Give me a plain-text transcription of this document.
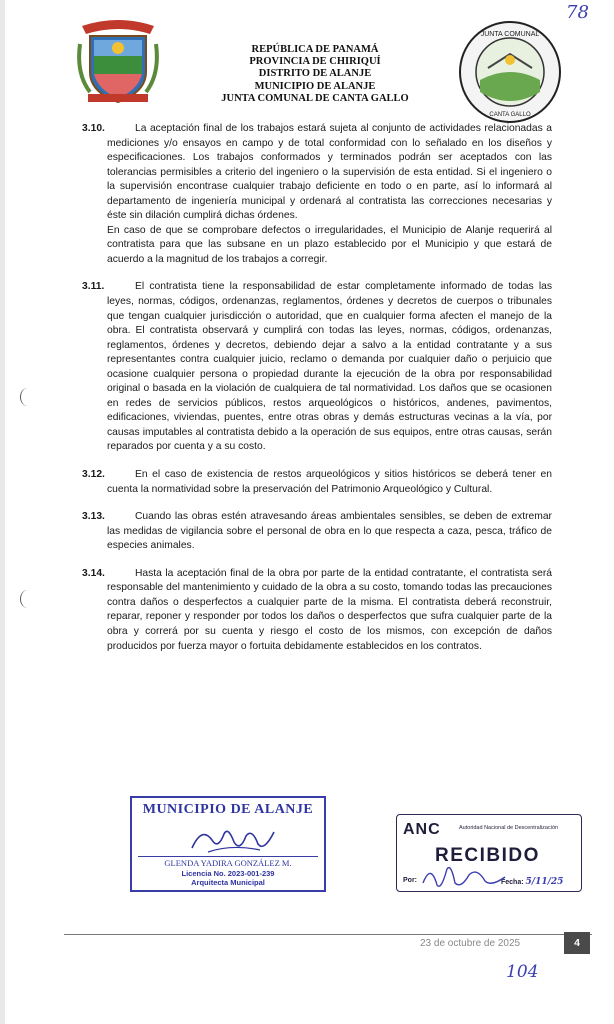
78
JUNTA COMUNAL
CANTA GALLO
REPÚBLICA DE PANAMÁ
PROVINCIA DE CHIRIQUÍ
DISTRITO DE ALANJE
MUNICIPIO DE ALANJE
JUNTA COMUNAL DE CANTA GALLO
3.10.	La aceptación final de los trabajos estará sujeta al conjunto de actividades relacionadas a mediciones y/o ensayos en campo y de total conformidad con lo señalado en los diseños y especificaciones. Los trabajos conformados y terminados podrán ser aceptados con las tolerancias permisibles a criterio del ingeniero o la supervisión de esta entidad. Si el ingeniero o la supervisión encontrase cualquier trabajo deficiente en todo o en parte, así lo informará al departamento de ingeniería municipal y ordenará al contratista las correcciones necesarias y éste sin dilación cumplirá dichas órdenes.
En caso de que se comprobare defectos o irregularidades, el Municipio de Alanje requerirá al contratista para que las subsane en un plazo establecido por el Municipio y que estará de acuerdo a la magnitud de los trabajos a corregir.
3.11.	El contratista tiene la responsabilidad de estar completamente informado de todas las leyes, normas, códigos, ordenanzas, reglamentos, órdenes y decretos de cuerpos o tribunales que tengan cualquier jurisdicción o autoridad, que en cualquier forma afecten el manejo de la obra. El contratista observará y cumplirá con todas las leyes, normas, códigos, ordenanzas, reglamentos, órdenes y decretos, debiendo dejar a salvo a la entidad contratante y a sus representantes contra cualquier juicio, reclamo o demanda por cualquier daño o perjuicio que ocasione cualquier persona o propiedad durante la ejecución de la obra por responsabilidad original o basada en la violación de cualquiera de tal normatividad. Los daños que se ocasionen en redes de servicios públicos, restos arqueológicos o históricos, andenes, pavimentos, edificaciones, viviendas, puentes, entre otras obras y demás estructuras vecinas a la vía, por causas imputables al contratista debido a la operación de sus equipos, entre otras causas, serán reparados por cuenta y a su costo.
3.12.	En el caso de existencia de restos arqueológicos y sitios históricos se deberá tener en cuenta la normatividad sobre la preservación del Patrimonio Arqueológico y Cultural.
3.13.	Cuando las obras estén atravesando áreas ambientales sensibles, se deben de extremar las medidas de vigilancia sobre el personal de obra en lo que respecta a caza, pesca, tráfico de especies animales.
3.14.	Hasta la aceptación final de la obra por parte de la entidad contratante, el contratista será responsable del mantenimiento y cuidado de la obra a su costo, tomando todas las precauciones contra daños o desperfectos a cualquier parte de la misma. El contratista deberá reconstruir, reparar, reponer y responder por todos los daños o desperfectos que sufra cualquier parte de la obra y correrá por su cuenta y riesgo el costo de los mismos, con excepción de daños producidos por fuerza mayor o fortuita debidamente establecidos en los contratos.
MUNICIPIO DE ALANJE
GLENDA YADIRA GONZÁLEZ M.
Licencia No. 2023-001-239
Arquitecta Municipal
ANC	Autoridad Nacional de Descentralización
RECIBIDO
Por:	Fecha: 5/11/25
23 de octubre de 2025	4
104
